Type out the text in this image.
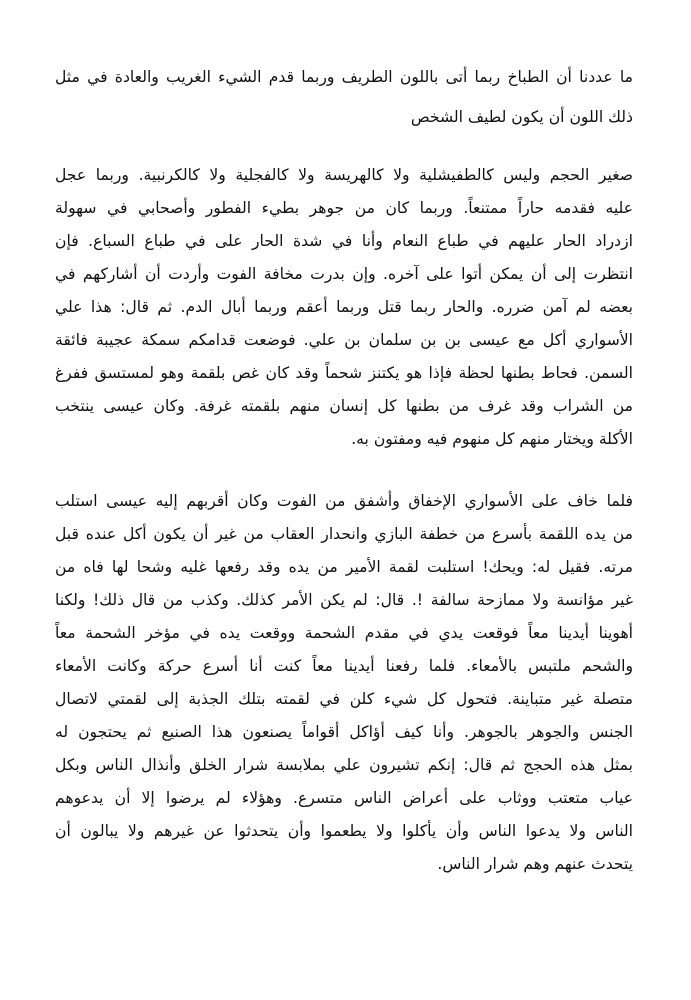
ما عددنا أن الطباخ ربما أتى باللون الطريف وربما قدم الشيء الغريب والعادة في مثل
ذلك اللون أن يكون لطيف الشخص
صغير الحجم وليس كالطفيشلية ولا كالهريسة ولا كالفجلية ولا كالكرنبية. وربما عجل
عليه فقدمه حاراً ممتنعاً. وربما كان من جوهر بطيء الفطور وأصحابي في سهولة
ازدراد الحار عليهم في طباع النعام وأنا في شدة الحار على في طباع السباع. فإن
انتظرت إلى أن يمكن أتوا على آخره. وإن بدرت مخافة الفوت وأردت أن أشاركهم في
بعضه لم آمن ضرره. والحار ربما قتل وربما أعقم وربما أبال الدم. ثم قال: هذا علي
الأسواري أكل مع عيسى بن بن سلمان بن علي. فوضعت قدامكم سمكة عجيبة فائقة
السمن. فحاط بطنها لحظة فإذا هو يكتنز شحماً وقد كان غص بلقمة وهو لمستسق ففرغ
من الشراب وقد غرف من بطنها كل إنسان منهم بلقمته غرفة. وكان عيسى ينتخب
الأكلة ويختار منهم كل منهوم فيه ومفتون به.
فلما خاف على الأسواري الإخفاق وأشفق من الفوت وكان أقربهم إليه عيسى استلب
من يده اللقمة بأسرع من خطفة البازي وانحدار العقاب من غير أن يكون أكل عنده قبل
مرته. فقيل له: ويحك! استلبت لقمة الأمير من يده وقد رفعها غليه وشحا لها فاه من
غير مؤانسة ولا ممازحة سالفة !. قال: لم يكن الأمر كذلك. وكذب من قال ذلك! ولكنا
أهوينا أيدينا معاً فوقعت يدي في مقدم الشحمة ووقعت يده في مؤخر الشحمة معاً
والشحم ملتبس بالأمعاء. فلما رفعنا أيدينا معاً كنت أنا أسرع حركة وكانت الأمعاء
متصلة غير متباينة. فتحول كل شيء كلن في لقمته بتلك الجذبة إلى لقمتي لاتصال
الجنس والجوهر بالجوهر. وأنا كيف أؤاكل أقواماً يصنعون هذا الصنيع ثم يحتجون له
بمثل هذه الحجج ثم قال: إنكم تشيرون علي بملابسة شرار الخلق وأنذال الناس وبكل
عياب متعتب ووثاب على أعراض الناس متسرع. وهؤلاء لم يرضوا إلا أن يدعوهم
الناس ولا يدعوا الناس وأن يأكلوا ولا يطعموا وأن يتحدثوا عن غيرهم ولا يبالون أن
يتحدث عنهم وهم شرار الناس.
